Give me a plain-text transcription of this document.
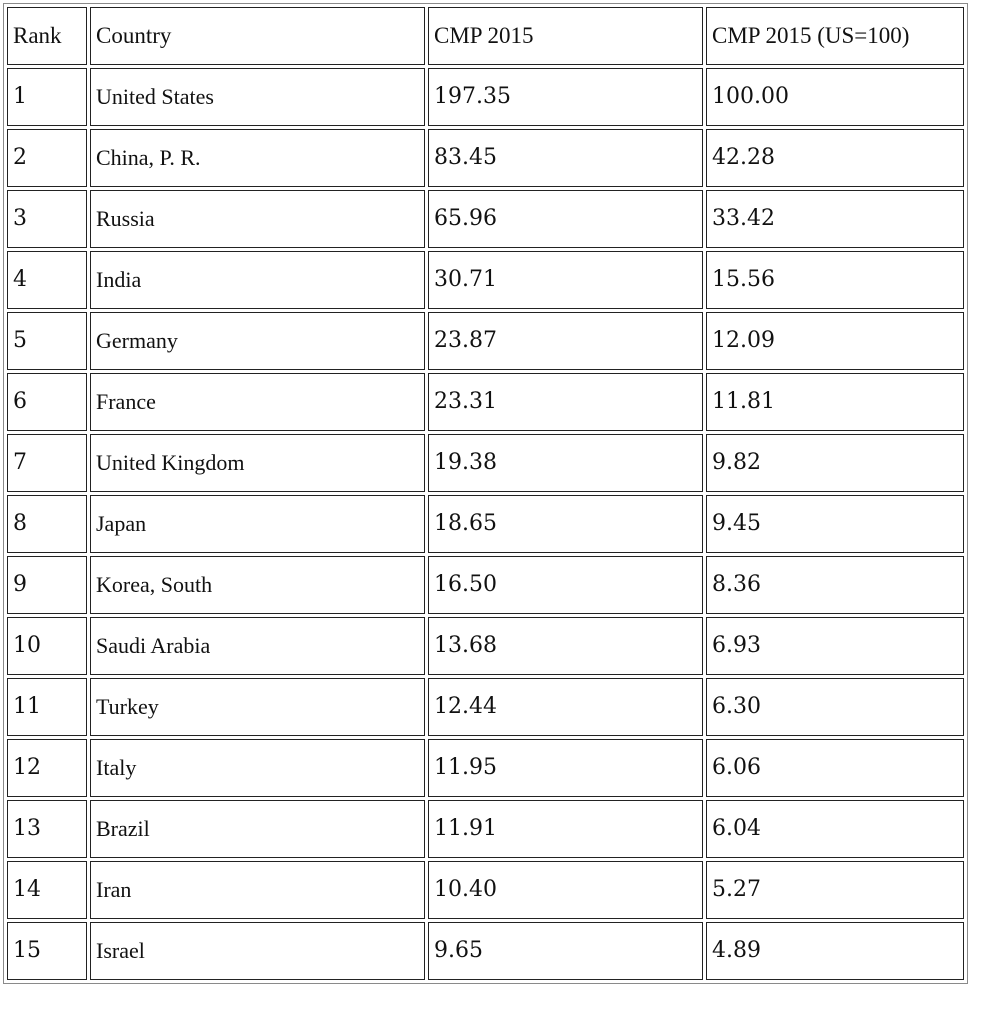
Rank	Country	CMP 2015	CMP 2015 (US=100)
1	United States	197.35	100.00
2	China, P. R.	83.45	42.28
3	Russia	65.96	33.42
4	India	30.71	15.56
5	Germany	23.87	12.09
6	France	23.31	11.81
7	United Kingdom	19.38	9.82
8	Japan	18.65	9.45
9	Korea, South	16.50	8.36
10	Saudi Arabia	13.68	6.93
11	Turkey	12.44	6.30
12	Italy	11.95	6.06
13	Brazil	11.91	6.04
14	Iran	10.40	5.27
15	Israel	9.65	4.89
